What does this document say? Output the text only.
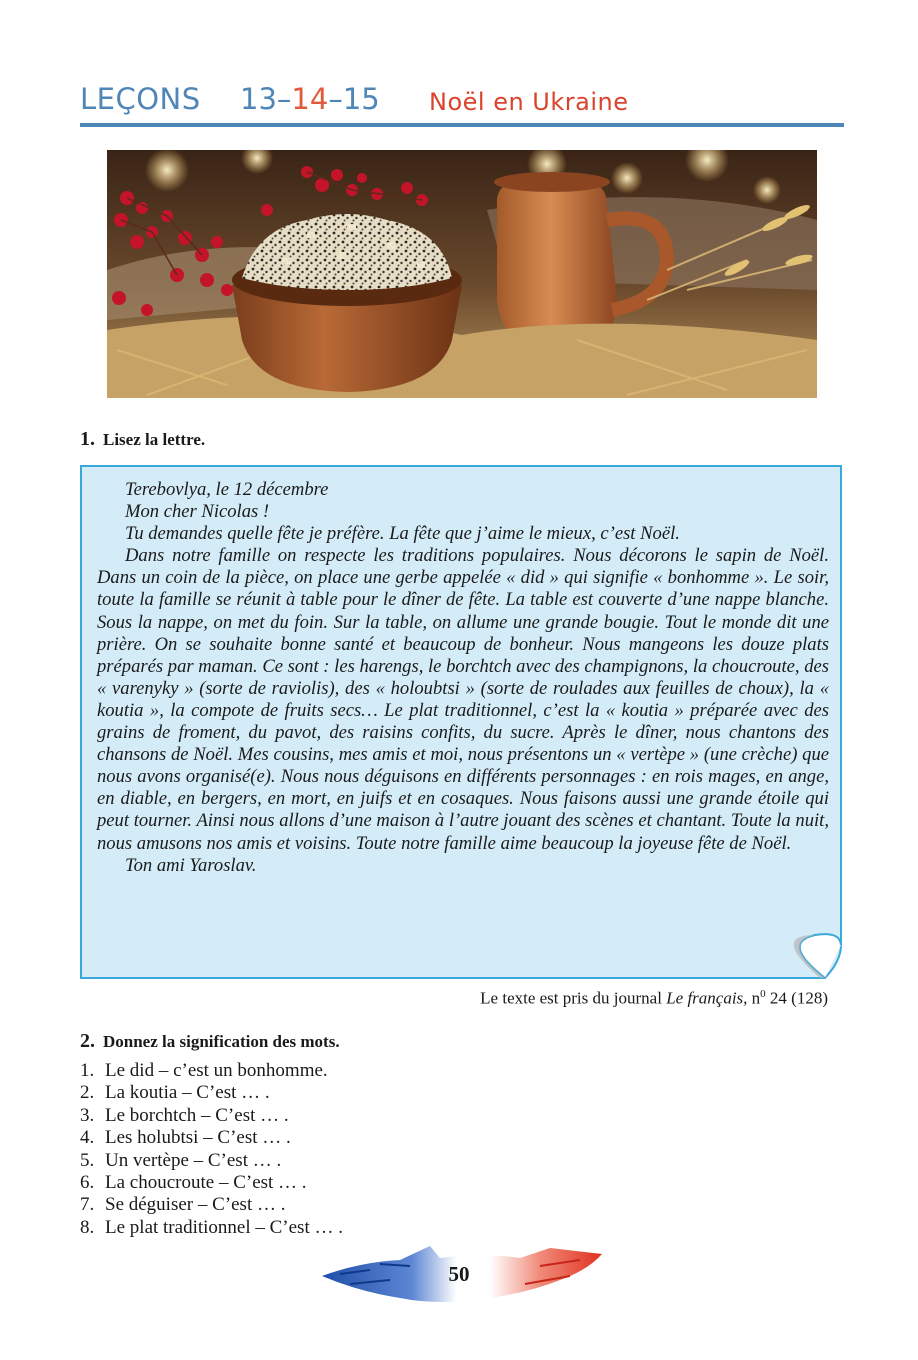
LEÇONS 13–14–15 Noël en Ukraine
1. Lisez la lettre.

Terebovlya, le 12 décembre

Mon cher Nicolas !

Tu demandes quelle fête je préfère. La fête que j’aime le mieux, c’est Noël.

Dans notre famille on respecte les traditions populaires. Nous décorons le sapin de Noël. Dans un coin de la pièce, on place une gerbe appelée « did » qui signifie « bonhomme ». Le soir, toute la famille se réunit à table pour le dîner de fête. La table est couverte d’une nappe blanche. Sous la nappe, on met du foin. Sur la table, on allume une grande bougie. Tout le monde dit une prière. On se souhaite bonne santé et beaucoup de bonheur. Nous mangeons les douze plats préparés par maman. Ce sont : les harengs, le borchtch avec des champignons, la choucroute, des « varenyky » (sorte de raviolis), des « holoubtsi » (sorte de roulades aux feuilles de choux), la « koutia », la compote de fruits secs… Le plat traditionnel, c’est la « koutia » préparée avec des grains de froment, du pavot, des raisins confits, du sucre. Après le dîner, nous chantons des chansons de Noël. Mes cousins, mes amis et moi, nous présentons un « vertèpe » (une crèche) que nous avons organisé(e). Nous nous déguisons en différents personnages : en rois mages, en ange, en diable, en bergers, en mort, en juifs et en cosaques. Nous faisons aussi une grande étoile qui peut tourner. Ainsi nous allons d’une maison à l’autre jouant des scènes et chantant. Toute la nuit, nous amusons nos amis et voisins. Toute notre famille aime beaucoup la joyeuse fête de Noël.

Ton ami Yaroslav.

Le texte est pris du journal Le français, $n^0$ 24 (128)
2. Donnez la signification des mots.
1. Le did – c’est un bonhomme.
2. La koutia – C’est … .
3. Le borchtch – C’est … .
4. Les holubtsi – C’est … .
5. Un vertèpe – C’est … .
6. La choucroute – C’est … .
7. Se déguiser – C’est … .
8. Le plat traditionnel – C’est … .
50
